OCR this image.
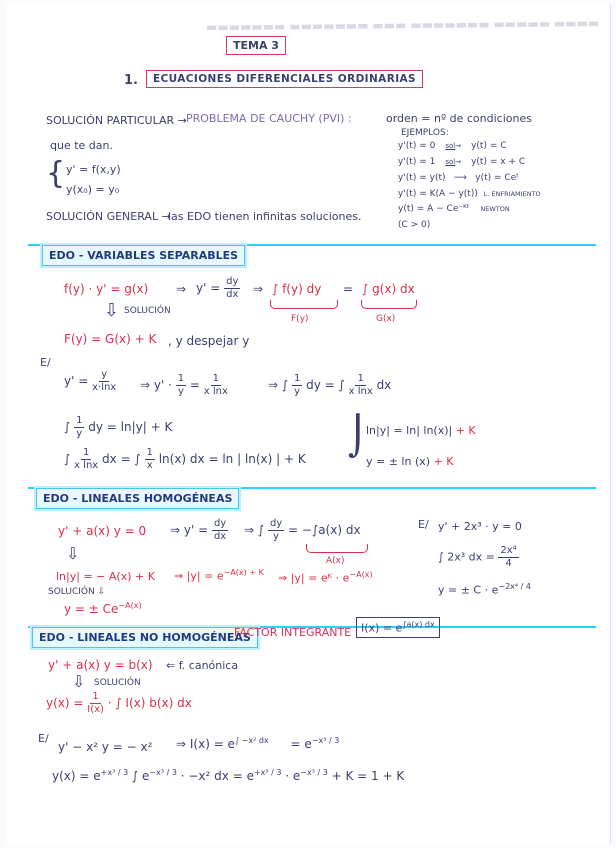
▬▬▬▬▬▬▬ ▬▬▬▬▬▬▬ ▬▬▬ ▬▬▬▬▬▬▬ ▬▬▬▬▬ ▬▬▬▬
TEMA 3
1.	ECUACIONES DIFERENCIALES ORDINARIAS
SOLUCIÓN PARTICULAR → PROBLEMA DE CAUCHY (PVI) :	orden = nº de condiciones
que te dan.
{ y' = f(x,y)
y(x₀) = y₀
SOLUCIÓN GENERAL →
las EDO tienen infinitas soluciones.
EJEMPLOS:
y'(t) = 0 sol→ y(t) = C
y'(t) = 1 sol→ y(t) = x + C
y'(t) = y(t) ⟶ y(t) = Ceᵗ
y'(t) = K(A − y(t)) L. ENFRIAMIENTO
y(t) = A − Ce⁻ᴷᵗ NEWTON
(C > 0)
EDO - VARIABLES SEPARABLES
f(y) · y' = g(x) ⇒ $y' = \frac{dy}{dx}$ ⇒ ∫ f(y) dy = ∫ g(x) dx
F(y)	G(x)
⇩ SOLUCIÓN
F(y) = G(x) + K , y despejar y
E/
$y' = \frac{y}{x\cdot\ln x}$ ⇒ $y' \cdot \frac{1}{y} = \frac{1}{\text{x lnx}}$	⇒ ∫ $\frac{1}{y}$ dy = ∫ $\frac{1}{\text{x lnx}}$ dx
∫ $\frac{1}{y}$ dy = ln|y| + K
∫ $\frac{1}{\text{x lnx}}$ dx = ∫ $\frac{1}{x} \ln(x)$ dx = ln | ln(x) | + K
⌡
ln|y| = ln| ln(x)| + K
y = ± ln (x) + K
EDO - LINEALES HOMOGÉNEAS
y' + a(x) y = 0 ⇒ $y' = \frac{dy}{dx}$ ⇒ ∫ $\frac{dy}{y} = -\int a(x)$ dx
A(x)
⇩
ln|y| = − A(x) + K ⇒ $|y| = e^{-A(x) + K}$ ⇒ |y| = eᴷ · $e^{-A(x)}$
SOLUCIÓN ⇩
y = ± $Ce^{-A(x)}$
E/ y' + 2x³ · y = 0
∫ 2x³ dx = $\frac{\text{2x⁴}}{4}$
y = ± $C \cdot e^{-2x^4 / 4}$
EDO - LINEALES NO HOMOGÉNEAS
FACTOR INTEGRANTE : $I(x) = e^{\int a(x) dx}$
y' + a(x) y = b(x) ⇐ f. canónica
⇩ SOLUCIÓN
$y(x) = \frac{1}{I(x)}$ · ∫ I(x) b(x) dx
E/
y' − x² y = − x² ⇒ $I(x) = e^{\int -x^2 dx} = e^{-x^3 / 3}$
$y(x) = e^{+x^3 / 3}$ ∫ $e^{-x^3 / 3} \cdot -x^2$ dx = $e^{+x^3 / 3} \cdot e^{-x^3 / 3} + K = 1 + K$
